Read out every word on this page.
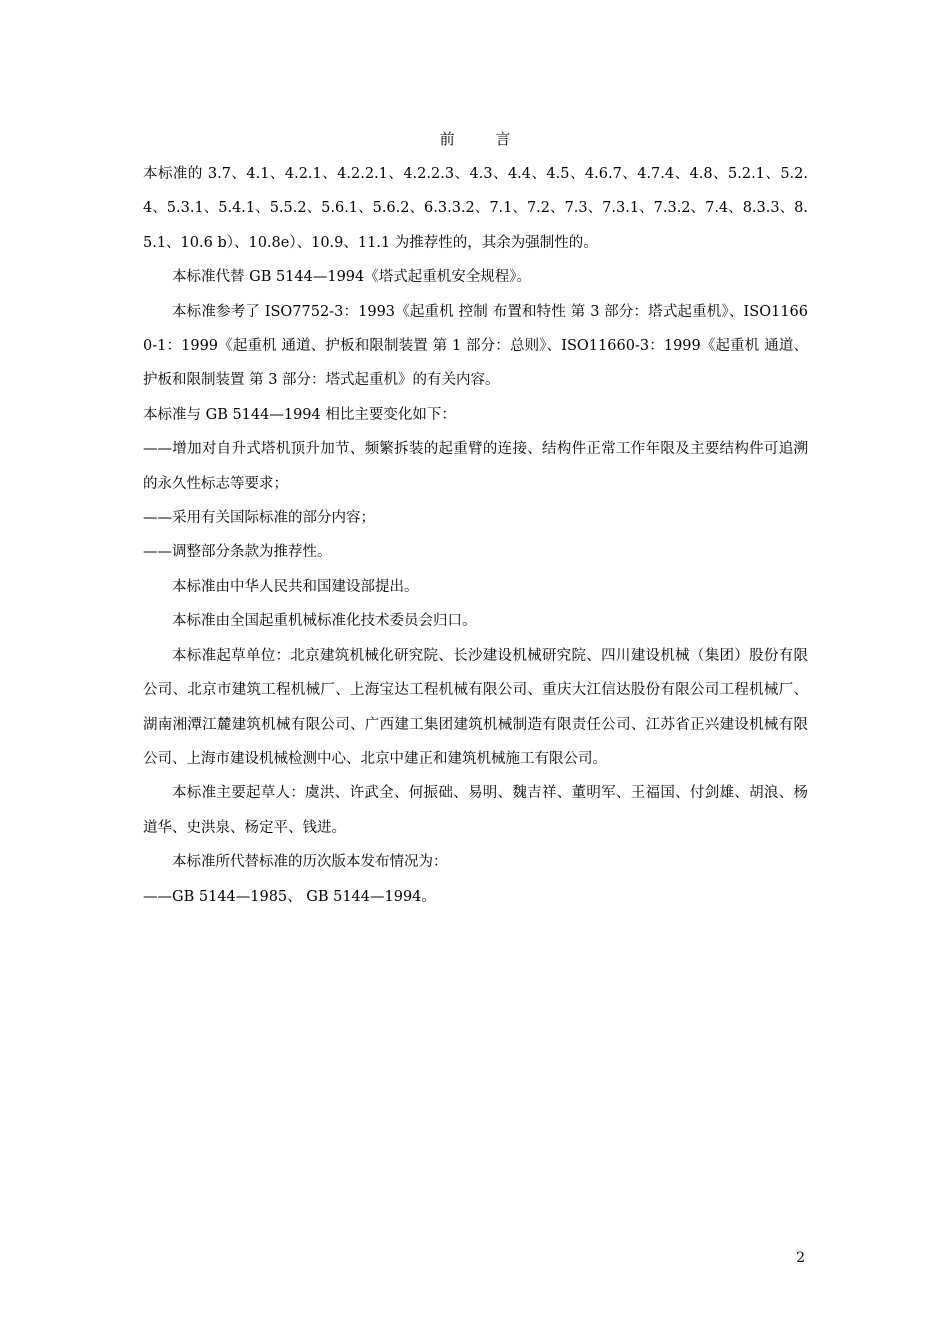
前 言

本标准的 3.7、4.1、4.2.1、4.2.2.1、4.2.2.3、4.3、4.4、4.5、4.6.7、4.7.4、4.8、5.2.1、5.2.4、5.3.1、5.4.1、5.5.2、5.6.1、5.6.2、6.3.3.2、7.1、7.2、7.3、7.3.1、7.3.2、7.4、8.3.3、8.5.1、10.6 b）、10.8e）、10.9、11.1 为推荐性的，其余为强制性的。

本标准代替 GB 5144—1994《塔式起重机安全规程》。

本标准参考了 ISO7752-3：1993《起重机 控制 布置和特性 第 3 部分：塔式起重机》、ISO11660-1：1999《起重机 通道、护板和限制装置 第 1 部分：总则》、ISO11660-3：1999《起重机 通道、护板和限制装置 第 3 部分：塔式起重机》的有关内容。

本标准与 GB 5144—1994 相比主要变化如下：

——增加对自升式塔机顶升加节、频繁拆装的起重臂的连接、结构件正常工作年限及主要结构件可追溯的永久性标志等要求；

——采用有关国际标准的部分内容；

——调整部分条款为推荐性。

本标准由中华人民共和国建设部提出。

本标准由全国起重机械标准化技术委员会归口。

本标准起草单位：北京建筑机械化研究院、长沙建设机械研究院、四川建设机械（集团）股份有限公司、北京市建筑工程机械厂、上海宝达工程机械有限公司、重庆大江信达股份有限公司工程机械厂、湖南湘潭江麓建筑机械有限公司、广西建工集团建筑机械制造有限责任公司、江苏省正兴建设机械有限公司、上海市建设机械检测中心、北京中建正和建筑机械施工有限公司。

本标准主要起草人：虞洪、许武全、何振础、易明、魏吉祥、董明军、王福国、付剑雄、胡浪、杨道华、史洪泉、杨定平、钱进。

本标准所代替标准的历次版本发布情况为：

——GB 5144—1985、 GB 5144—1994。

2
